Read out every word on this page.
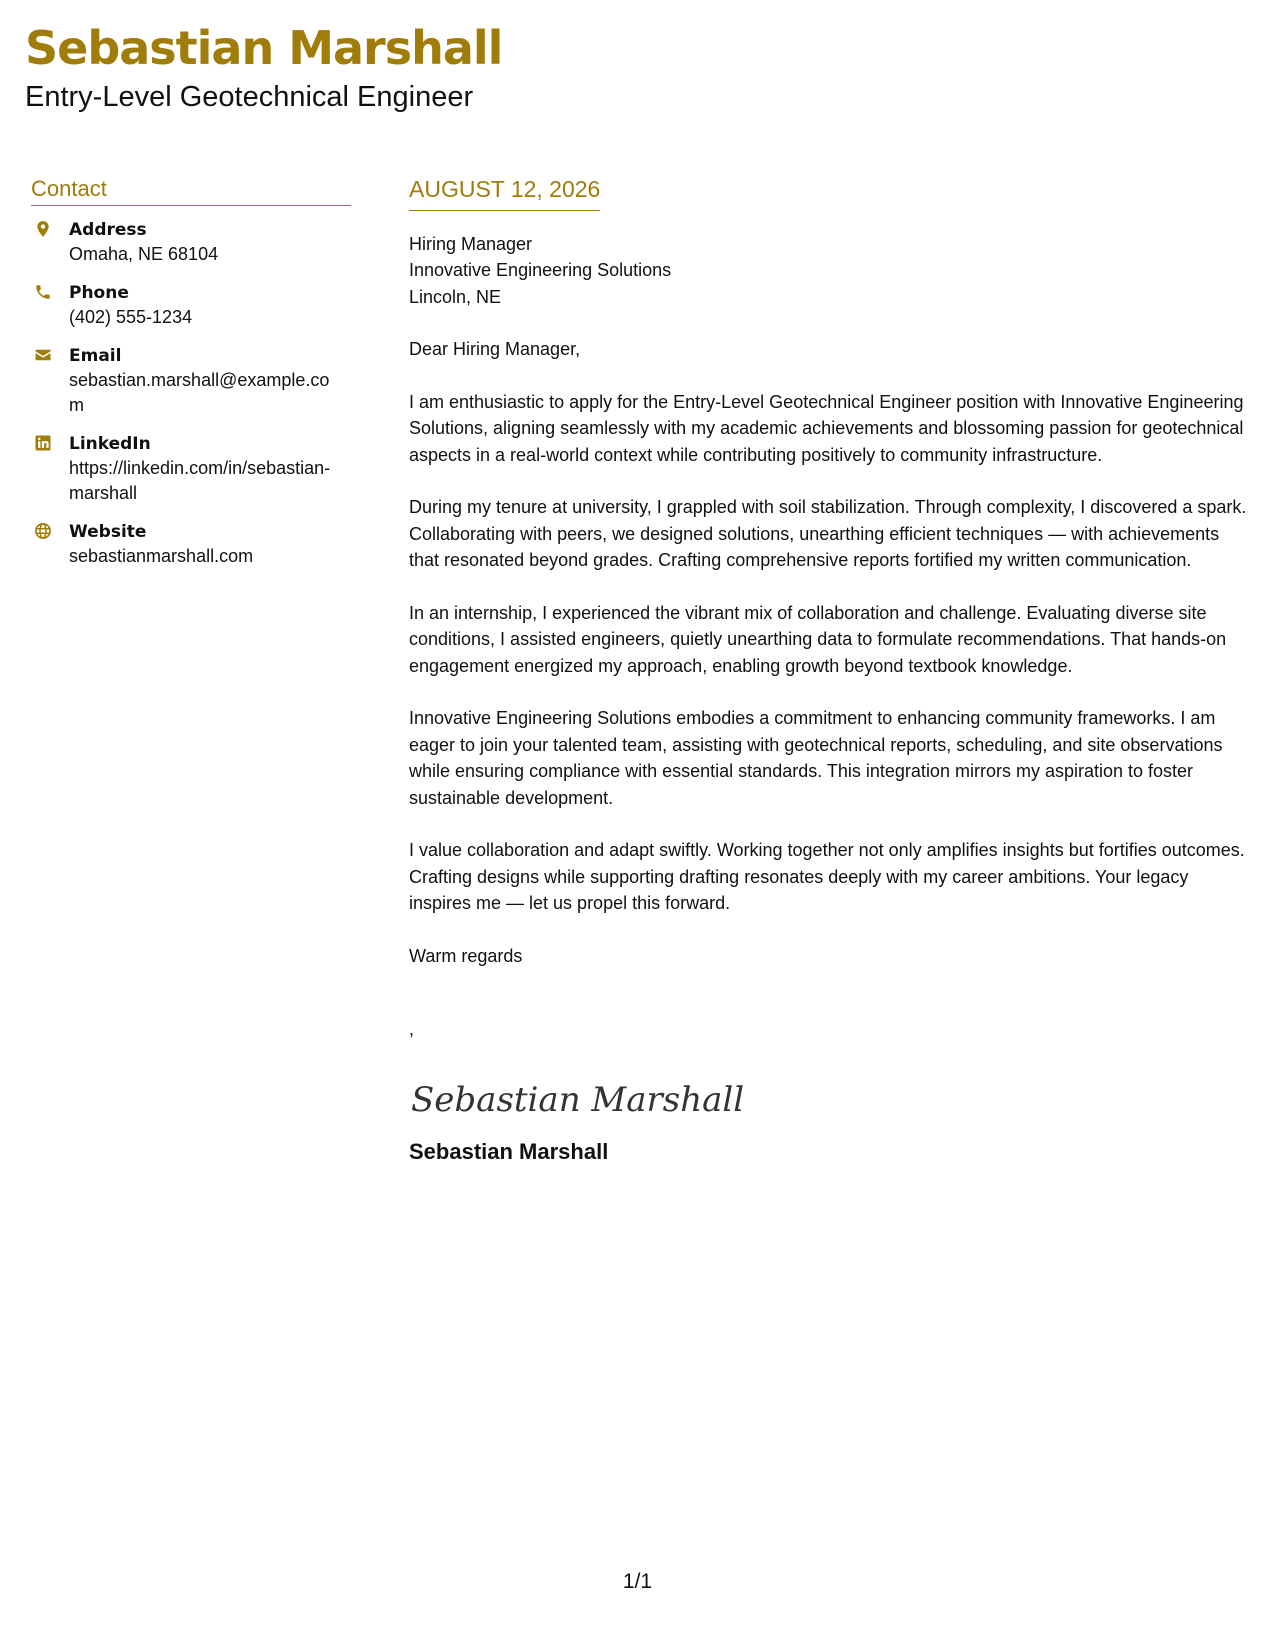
Sebastian Marshall
Entry-Level Geotechnical Engineer
Contact
Address
Omaha, NE 68104
Phone
(402) 555-1234
Email
sebastian.marshall@example.com
LinkedIn
https://linkedin.com/in/sebastian-marshall
Website
sebastianmarshall.com
AUGUST 12, 2026
Hiring Manager
Innovative Engineering Solutions
Lincoln, NE

Dear Hiring Manager,

I am enthusiastic to apply for the Entry-Level Geotechnical Engineer position with Innovative Engineering Solutions, aligning seamlessly with my academic achievements and blossoming passion for geotechnical aspects in a real-world context while contributing positively to community infrastructure.

During my tenure at university, I grappled with soil stabilization. Through complexity, I discovered a spark. Collaborating with peers, we designed solutions, unearthing efficient techniques — with achievements that resonated beyond grades. Crafting comprehensive reports fortified my written communication.

In an internship, I experienced the vibrant mix of collaboration and challenge. Evaluating diverse site conditions, I assisted engineers, quietly unearthing data to formulate recommendations. That hands-on engagement energized my approach, enabling growth beyond textbook knowledge.

Innovative Engineering Solutions embodies a commitment to enhancing community frameworks. I am eager to join your talented team, assisting with geotechnical reports, scheduling, and site observations while ensuring compliance with essential standards. This integration mirrors my aspiration to foster sustainable development.

I value collaboration and adapt swiftly. Working together not only amplifies insights but fortifies outcomes. Crafting designs while supporting drafting resonates deeply with my career ambitions. Your legacy inspires me — let us propel this forward.

Warm regards

,
Sebastian Marshall
Sebastian Marshall
1/1
